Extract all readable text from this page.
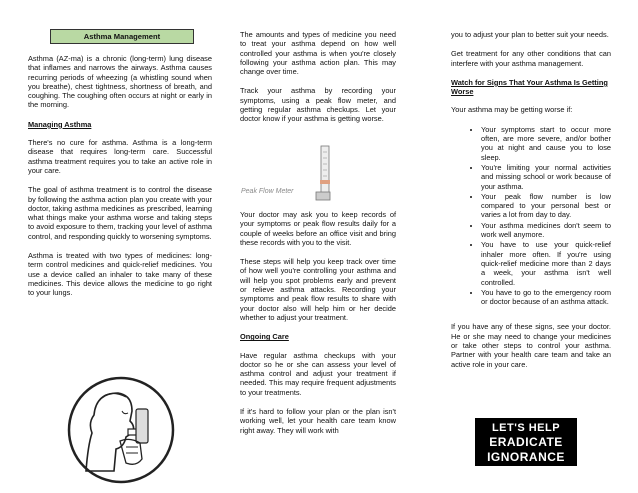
Asthma Management

Asthma (AZ-ma) is a chronic (long-term) lung disease that inflames and narrows the airways. Asthma causes recurring periods of wheezing (a whistling sound when you breathe), chest tightness, shortness of breath, and coughing. The coughing often occurs at night or early in the morning.

Managing Asthma

There's no cure for asthma. Asthma is a long-term disease that requires long-term care. Successful asthma treatment requires you to take an active role in your care.

The goal of asthma treatment is to control the disease by following the asthma action plan you create with your doctor, taking asthma medicines as prescribed, learning what things make your asthma worse and taking steps to avoid exposure to them, tracking your level of asthma control, and responding quickly to worsening symptoms.

Asthma is treated with two types of medicines: long-term control medicines and quick-relief medicines. You use a device called an inhaler to take many of these medicines. This device allows the medicine to go right to your lungs.

The amounts and types of medicine you need to treat your asthma depend on how well controlled your asthma is when you're closely following your asthma action plan. This may change over time.

Track your asthma by recording your symptoms, using a peak flow meter, and getting regular asthma checkups. Let your doctor know if your asthma is getting worse.

Peak Flow Meter

Your doctor may ask you to keep records of your symptoms or peak flow results daily for a couple of weeks before an office visit and bring these records with you to the visit.

These steps will help you keep track over time of how well you're controlling your asthma and will help you spot problems early and prevent or relieve asthma attacks. Recording your symptoms and peak flow results to share with your doctor also will help him or her decide whether to adjust your treatment.

Ongoing Care

Have regular asthma checkups with your doctor so he or she can assess your level of asthma control and adjust your treatment if needed. This may require frequent adjustments to your treatments.

If it's hard to follow your plan or the plan isn't working well, let your health care team know right away. They will work with

you to adjust your plan to better suit your needs.

Get treatment for any other conditions that can interfere with your asthma management.

Watch for Signs That Your Asthma Is Getting Worse

Your asthma may be getting worse if:

• Your symptoms start to occur more often, are more severe, and/or bother you at night and cause you to lose sleep.
• You're limiting your normal activities and missing school or work because of your asthma.
• Your peak flow number is low compared to your personal best or varies a lot from day to day.
• Your asthma medicines don't seem to work well anymore.
• You have to use your quick-relief inhaler more often. If you're using quick-relief medicine more than 2 days a week, your asthma isn't well controlled.
• You have to go to the emergency room or doctor because of an asthma attack.

If you have any of these signs, see your doctor. He or she may need to change your medicines or take other steps to control your asthma. Partner with your health care team and take an active role in your care.

LET'S HELP
ERADICATE
IGNORANCE
